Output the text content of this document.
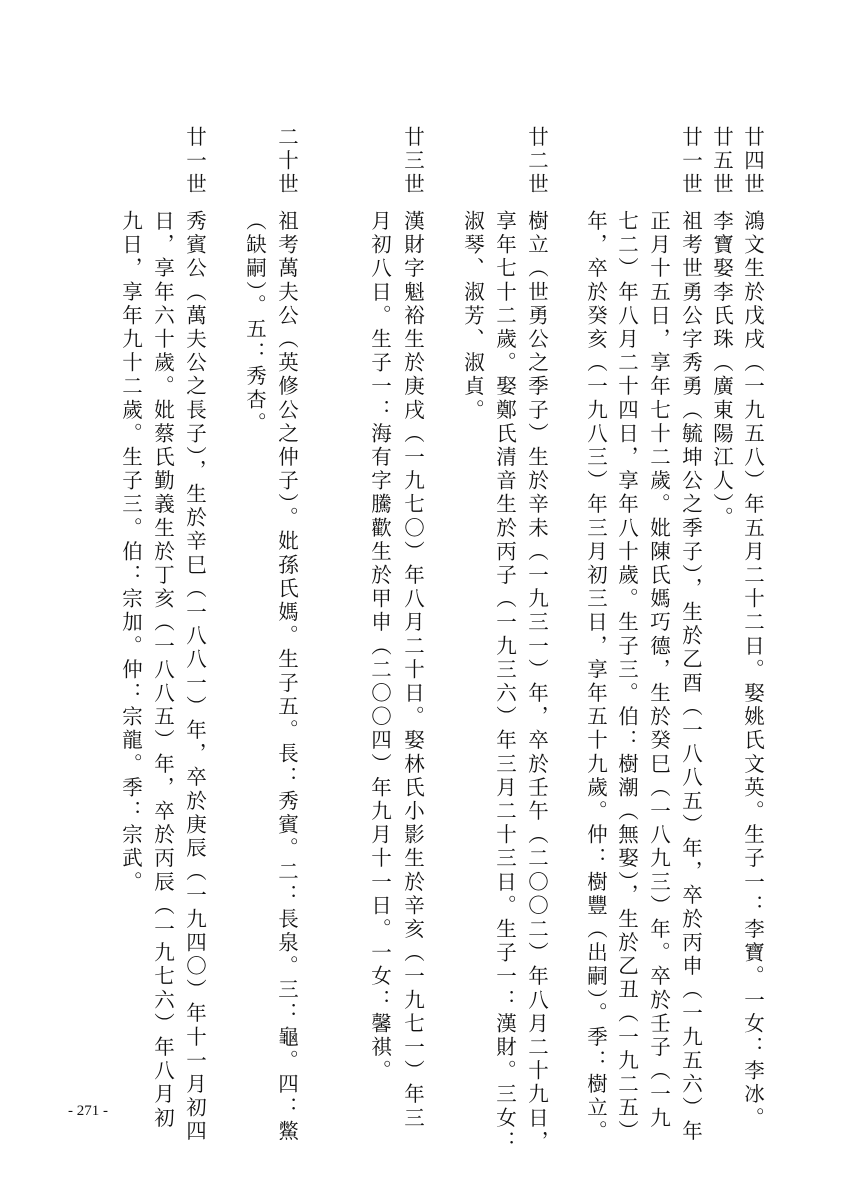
廿四世
鴻文生於戊戌（一九五八）年五月二十二日。娶姚氏文英。生子一：李寶。一女：李冰。
廿五世
李寶娶李氏珠（廣東陽江人）。
廿一世
祖考世勇公字秀勇（毓坤公之季子），生於乙酉（一八八五）年，卒於丙申（一九五六）年
正月十五日，享年七十二歲。妣陳氏媽巧德，生於癸巳（一八九三）年。卒於壬子（一九
七二）年八月二十四日，享年八十歲。生子三。伯：樹潮（無娶），生於乙丑（一九二五）
年，卒於癸亥（一九八三）年三月初三日，享年五十九歲。仲：樹豐（出嗣）。季：樹立。
廿二世
樹立（世勇公之季子）生於辛未（一九三一）年，卒於壬午（二〇〇二）年八月二十九日，
享年七十二歲。娶鄭氏清音生於丙子（一九三六）年三月二十三日。生子一：漢財。三女：
淑琴、淑芳、淑貞。
廿三世
漢財字魁裕生於庚戌（一九七〇）年八月二十日。娶林氏小影生於辛亥（一九七一）年三
月初八日。生子一：海有字騰歡生於甲申（二〇〇四）年九月十一日。一女：馨祺。
二十世
祖考萬夫公（英修公之仲子）。妣孫氏媽。生子五。長：秀賓。二：長泉。三：龜。四：鱉
（缺嗣）。五：秀杏。
廿一世
秀賓公（萬夫公之長子），生於辛巳（一八八一）年，卒於庚辰（一九四〇）年十一月初四
日，享年六十歲。妣蔡氏勤義生於丁亥（一八八五）年，卒於丙辰（一九七六）年八月初
九日，享年九十二歲。生子三。伯：宗加。仲：宗龍。季：宗武。
- 271 -
